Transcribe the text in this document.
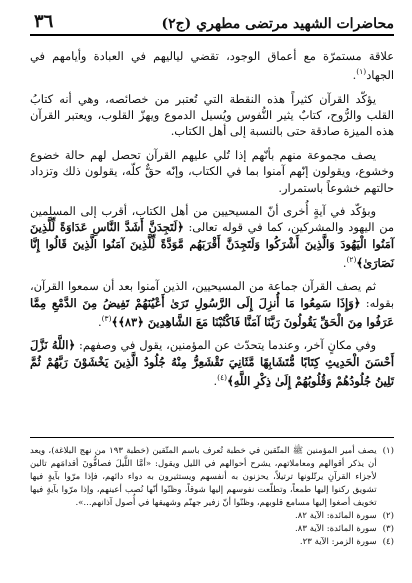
محاضرات الشهيد مرتضى مطهري (ج٢)
٣٦

علاقة مستمرّة مع أعماق الوجود، تقضي لياليهم في العبادة وأيامهم في الجهاد$^{(١)}$.

يؤكّد القرآن كثيراً هذه النقطة التي تُعتبر من خصائصه، وهي أنه كتابُ القلب والرُّوح، كتابٌ يثير النُّفوس ويُسيل الدموع ويهزّ القلوب، ويعتبر القرآن هذه الميزة صادقة حتى بالنسبة إلى أهل الكتاب.

يصف مجموعة منهم بأنّهم إذا تُلي عليهم القرآن تحصل لهم حالة خضوع وخشوع، ويقولون إنّهم آمنوا بما في الكتاب، وإنّه حقٌّ كلّه، يقولون ذلك وتزداد حالتهم خشوعاً باستمرار.

وبؤكّد في آيةٍ أُخرى أنّ المسيحيين من أهل الكتاب، أقرب إلى المسلمين من اليهود والمشركين، كما في قوله تعالى: ﴿لَتَجِدَنَّ أَشَدَّ النَّاسِ عَدَاوَةً لِّلَّذِينَ آمَنُوا الْيَهُودَ وَالَّذِينَ أَشْرَكُوا وَلَتَجِدَنَّ أَقْرَبَهُم مَّوَدَّةً لِّلَّذِينَ آمَنُوا الَّذِينَ قَالُوا إِنَّا نَصَارَىٰ﴾$^{(٢)}$.

ثم يصف القرآن جماعة من المسيحيين، الذين آمنوا بعد أن سمعوا القرآن، بقوله: ﴿وَإِذَا سَمِعُوا مَا أُنزِلَ إِلَى الرَّسُولِ تَرَىٰ أَعْيُنَهُمْ تَفِيضُ مِنَ الدَّمْعِ مِمَّا عَرَفُوا مِنَ الْحَقِّ يَقُولُونَ رَبَّنَا آمَنَّا فَاكْتُبْنَا مَعَ الشَّاهِدِينَ ﴿٨٣﴾﴾$^{(٣)}$.

وفي مكانٍ آخر، وعندما يتحدّث عن المؤمنين، يقول في وصفهم: ﴿اللَّهُ نَزَّلَ أَحْسَنَ الْحَدِيثِ كِتَابًا مُّتَشَابِهًا مَّثَانِيَ تَقْشَعِرُّ مِنْهُ جُلُودُ الَّذِينَ يَخْشَوْنَ رَبَّهُمْ ثُمَّ تَلِينُ جُلُودُهُمْ وَقُلُوبُهُمْ إِلَىٰ ذِكْرِ اللَّهِ﴾$^{(٤)}$.

(١)
يصف أمير المؤمنين ﷺ المتّقين في خطبة تُعرف باسم المتّقين (خطبة ١٩٣ من نهج البلاغة)، ويعد أن يذكر أقوالهم ومعاملاتهم، يشرح أحوالهم في الليل ويقول: «أمَّا اللَّيلَ فصافُّونَ أقدامَهم تالين لأجزاء القرآنِ يرتّلونها ترتيلاً، يحزنون به أنفسهم ويستثيرون به دواء دائهم، فإذا مرّوا بآيةٍ فيها تشويق ركنوا إليها طمعاً، وتطلّعت نفوسهم إليها شوقاً، وظنّوا أنّها نُصب أعينهم، وإذا مرّوا بآيةٍ فيها تخويف أصغوا إليها مسامع قلوبهم، وظنّوا أنّ زفير جهنّم وشهيقها في أُصول آذانهم...».
(٢)
سورة المائدة: الآية ٨٢.
(٣)
سورة المائدة: الآية ٨٣.
(٤)
سورة الزمر: الآية ٢٣.
